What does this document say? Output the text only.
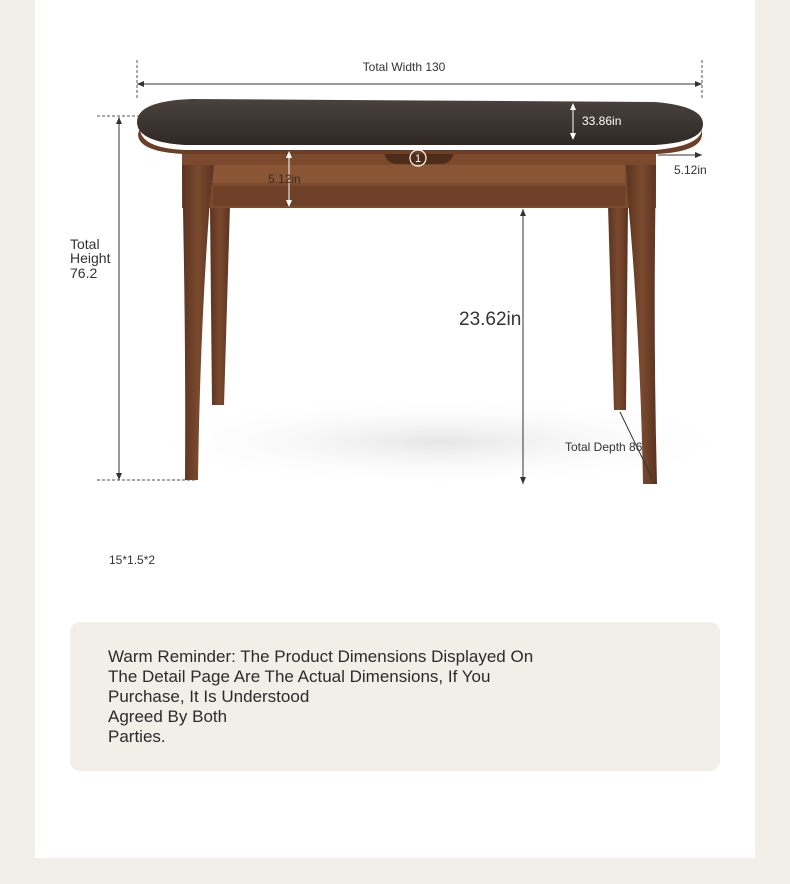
Total Width 130
33.86in
5.12in
5.12in
1
Total
Height
76.2
23.62in
Total Depth 86
15*1.5*2

Warm Reminder: The Product Dimensions Displayed On
The Detail Page Are The Actual Dimensions, If You
Purchase, It Is Understood
Agreed By Both
Parties.
